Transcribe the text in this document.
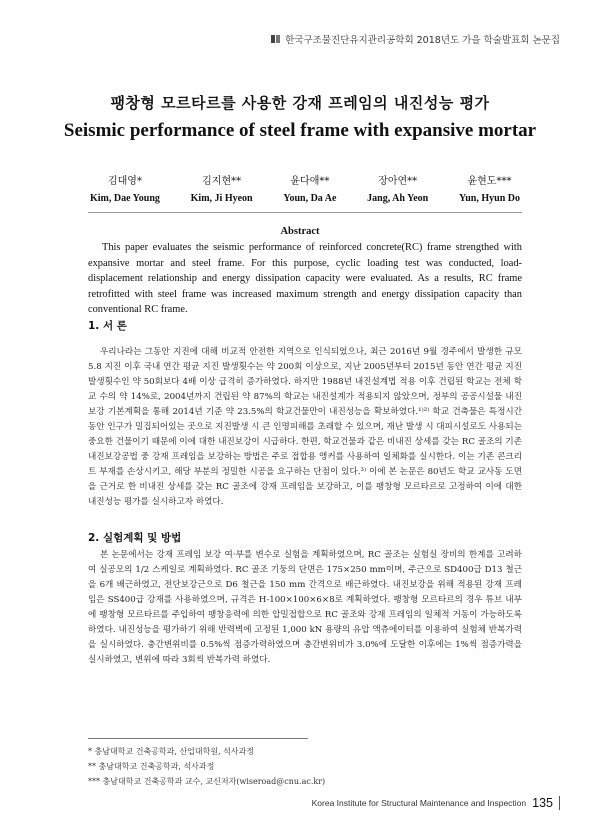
한국구조물진단유지관리공학회 2018년도 가을 학술발표회 논문집
팽창형 모르타르를 사용한 강재 프레임의 내진성능 평가
Seismic performance of steel frame with expansive mortar
김대영*
Kim, Dae Young
김지현**
Kim, Ji Hyeon
윤다애**
Youn, Da Ae
장아연**
Jang, Ah Yeon
윤현도***
Yun, Hyun Do
Abstract

This paper evaluates the seismic performance of reinforced concrete(RC) frame strengthed with expansive mortar and steel frame. For this purpose, cyclic loading test was conducted, load-displacement relationship and energy dissipation capacity were evaluated. As a results, RC frame retrofitted with steel frame was increased maximum strength and energy dissipation capacity than conventional RC frame.

1. 서 론

우리나라는 그동안 지진에 대해 비교적 안전한 지역으로 인식되었으나, 최근 2016년 9월 경주에서 발생한 규모 5.8 지진 이후 국내 연간 평균 지진 발생횟수는 약 200회 이상으로, 지난 2005년부터 2015년 동안 연간 평균 지진 발생횟수인 약 50회보다 4배 이상 급격히 증가하였다. 하지만 1988년 내진설계법 적용 이후 건립된 학교는 전체 학교 수의 약 14%로, 2004년까지 건립된 약 87%의 학교는 내진설계가 적용되지 않았으며, 정부의 공공시설물 내진보강 기본계획을 통해 2014년 기준 약 23.5%의 학교건물만이 내진성능을 확보하였다.¹⁾²⁾ 학교 건축물은 특정시간동안 인구가 밀집되어있는 곳으로 지진발생 시 큰 인명피해를 초래할 수 있으며, 재난 발생 시 대피시설로도 사용되는 중요한 건물이기 때문에 이에 대한 내진보강이 시급하다. 한편, 학교건물과 같은 비내진 상세를 갖는 RC 골조의 기존 내진보강공법 중 강재 프레임을 보강하는 방법은 주로 접합용 앵커를 사용하여 일체화를 실시한다. 이는 기존 콘크리트 부재를 손상시키고, 해당 부분의 정밀한 시공을 요구하는 단점이 있다.³⁾ 이에 본 논문은 80년도 학교 교사동 도면을 근거로 한 비내진 상세를 갖는 RC 골조에 강재 프레임을 보강하고, 이를 팽창형 모르타르로 고정하여 이에 대한 내진성능 평가를 실시하고자 하였다.

2. 실험계획 및 방법

본 논문에서는 강재 프레임 보강 여·부를 변수로 실험을 계획하였으며, RC 골조는 실험실 장비의 한계를 고려하여 실공모의 1/2 스케일로 계획하였다. RC 골조 기둥의 단면은 175×250 mm이며, 주근으로 SD400급 D13 철근을 6개 배근하였고, 전단보강근으로 D6 철근을 150 mm 간격으로 배근하였다. 내진보강을 위해 적용된 강재 프레임은 SS400급 강재를 사용하였으며, 규격은 H-100×100×6×8로 계획하였다. 팽창형 모르타르의 경우 튜브 내부에 팽창형 모르타르를 주입하여 팽창응력에 의한 압밀접합으로 RC 골조와 강재 프레임의 일체적 거동이 가능하도록 하였다. 내진성능을 평가하기 위해 반력벽에 고정된 1,000 kN 용량의 유압 액츄에이터를 이용하여 실험체 반복가력을 실시하였다. 충간변위비를 0.5%씩 점증가력하였으며 충간변위비가 3.0%에 도달한 이후에는 1%씩 점증가력을 실시하였고, 변위에 따라 3회씩 반복가력 하였다.

* 충남대학교 건축공학과, 산업대학원, 석사과정
** 충남대학교 건축공학과, 석사과정
*** 충남대학교 건축공학과 교수, 교신저자(wiseroad@cnu.ac.kr)
Korea Institute for Structural Maintenance and Inspection 135
